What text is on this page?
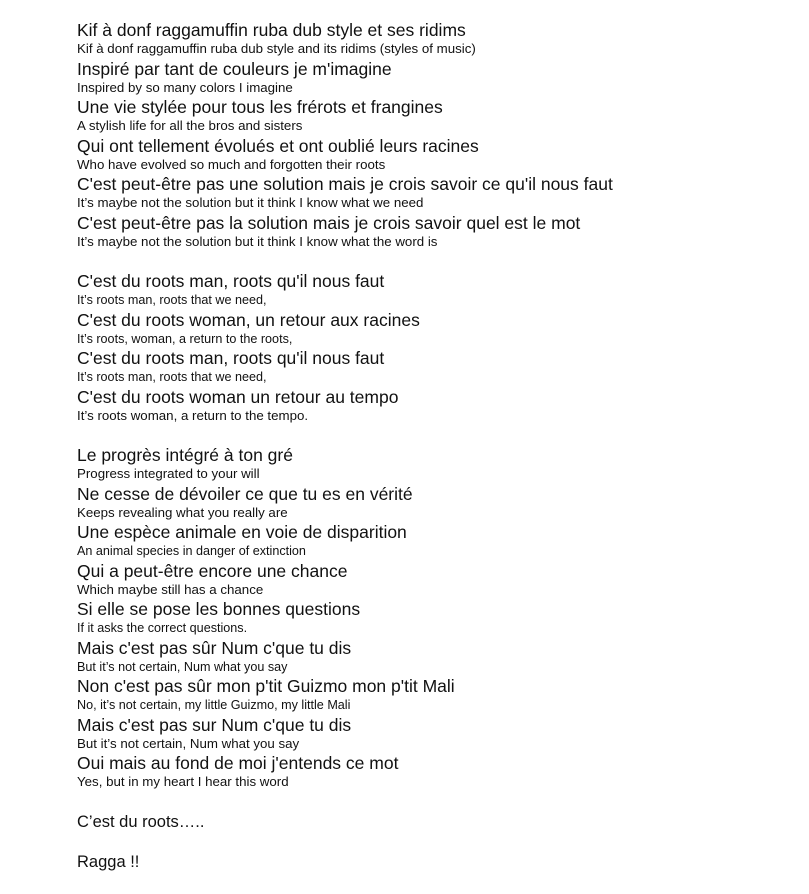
Kif à donf raggamuffin ruba dub style et ses ridims
Kif à donf raggamuffin ruba dub style and its ridims (styles of music)
Inspiré par tant de couleurs je m'imagine
Inspired by so many colors I imagine
Une vie stylée pour tous les frérots et frangines
A stylish life for all the bros and sisters
Qui ont tellement évolués et ont oublié leurs racines
Who have evolved so much and forgotten their roots
C'est peut-être pas une solution mais je crois savoir ce qu'il nous faut
It’s maybe not the solution but it think I know what we need
C'est peut-être pas la solution mais je crois savoir quel est le mot
It’s maybe not the solution but it think I know what the word is
C'est du roots man, roots qu'il nous faut
It’s roots man, roots that we need,
C'est du roots woman, un retour aux racines
It’s roots, woman, a return to the roots,
C'est du roots man, roots qu'il nous faut
It’s roots man, roots that we need,
C'est du roots woman un retour au tempo
It’s roots woman, a return to the tempo.
Le progrès intégré à ton gré
Progress integrated to your will
Ne cesse de dévoiler ce que tu es en vérité
Keeps revealing what you really are
Une espèce animale en voie de disparition
An animal species in danger of extinction
Qui a peut-être encore une chance
Which maybe still has a chance
Si elle se pose les bonnes questions
If it asks the correct questions.
Mais c'est pas sûr Num c'que tu dis
But it’s not certain, Num what you say
Non c'est pas sûr mon p'tit Guizmo mon p'tit Mali
No, it’s not certain, my little Guizmo, my little Mali
Mais c'est pas sur Num c'que tu dis
But it’s not certain, Num what you say
Oui mais au fond de moi j'entends ce mot
Yes, but in my heart I hear this word
C’est du roots…..
Ragga !!
